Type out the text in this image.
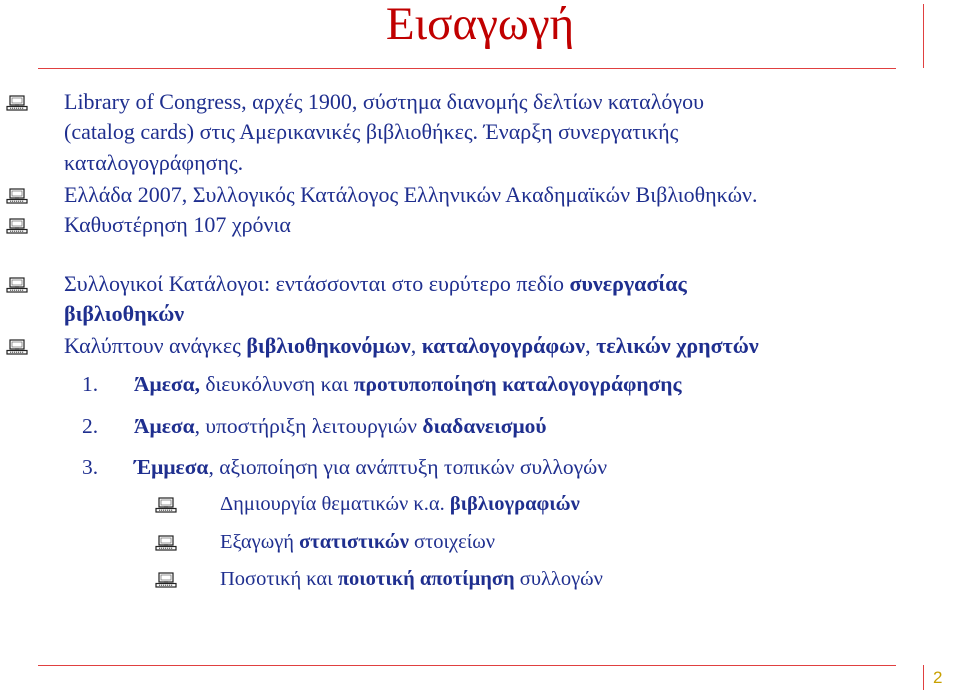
Εισαγωγή
2
Library of Congress, αρχές 1900, σύστημα διανομής δελτίων καταλόγου
(catalog cards) στις Αμερικανικές βιβλιοθήκες. Έναρξη συνεργατικής
καταλογογράφησης.
Ελλάδα 2007, Συλλογικός Κατάλογος Ελληνικών Ακαδημαϊκών Βιβλιοθηκών.
Καθυστέρηση 107 χρόνια
Συλλογικοί Κατάλογοι: εντάσσονται στο ευρύτερο πεδίο συνεργασίας
βιβλιοθηκών
Καλύπτουν ανάγκες βιβλιοθηκονόμων, καταλογογράφων, τελικών χρηστών
1. Άμεσα, διευκόλυνση και προτυποποίηση καταλογογράφησης
2. Άμεσα, υποστήριξη λειτουργιών διαδανεισμού
3. Έμμεσα, αξιοποίηση για ανάπτυξη τοπικών συλλογών
Δημιουργία θεματικών κ.α. βιβλιογραφιών
Εξαγωγή στατιστικών στοιχείων
Ποσοτική και ποιοτική αποτίμηση συλλογών
